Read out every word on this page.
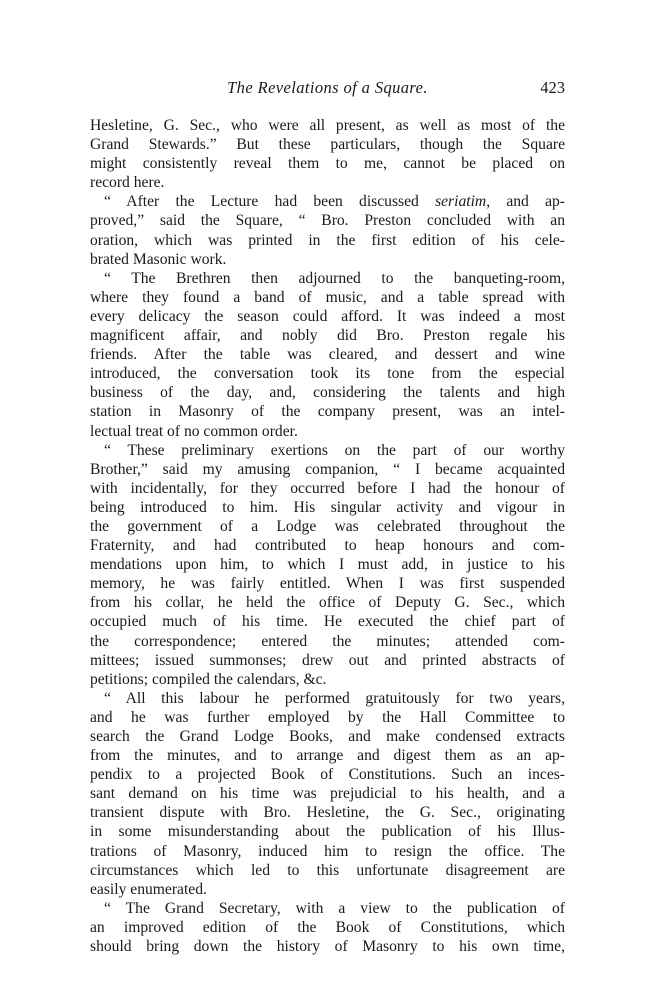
The Revelations of a Square.	423
Hesletine, G. Sec., who were all present, as well as most of the
Grand Stewards.” But these particulars, though the Square
might consistently reveal them to me, cannot be placed on
record here.
“ After the Lecture had been discussed seriatim, and ap-
proved,” said the Square, “ Bro. Preston concluded with an
oration, which was printed in the first edition of his cele-
brated Masonic work.
“ The Brethren then adjourned to the banqueting-room,
where they found a band of music, and a table spread with
every delicacy the season could afford. It was indeed a most
magnificent affair, and nobly did Bro. Preston regale his
friends. After the table was cleared, and dessert and wine
introduced, the conversation took its tone from the especial
business of the day, and, considering the talents and high
station in Masonry of the company present, was an intel-
lectual treat of no common order.
“ These preliminary exertions on the part of our worthy
Brother,” said my amusing companion, “ I became acquainted
with incidentally, for they occurred before I had the honour of
being introduced to him. His singular activity and vigour in
the government of a Lodge was celebrated throughout the
Fraternity, and had contributed to heap honours and com-
mendations upon him, to which I must add, in justice to his
memory, he was fairly entitled. When I was first suspended
from his collar, he held the office of Deputy G. Sec., which
occupied much of his time. He executed the chief part of
the correspondence; entered the minutes; attended com-
mittees; issued summonses; drew out and printed abstracts of
petitions; compiled the calendars, &c.
“ All this labour he performed gratuitously for two years,
and he was further employed by the Hall Committee to
search the Grand Lodge Books, and make condensed extracts
from the minutes, and to arrange and digest them as an ap-
pendix to a projected Book of Constitutions. Such an inces-
sant demand on his time was prejudicial to his health, and a
transient dispute with Bro. Hesletine, the G. Sec., originating
in some misunderstanding about the publication of his Illus-
trations of Masonry, induced him to resign the office. The
circumstances which led to this unfortunate disagreement are
easily enumerated.
“ The Grand Secretary, with a view to the publication of
an improved edition of the Book of Constitutions, which
should bring down the history of Masonry to his own time,
